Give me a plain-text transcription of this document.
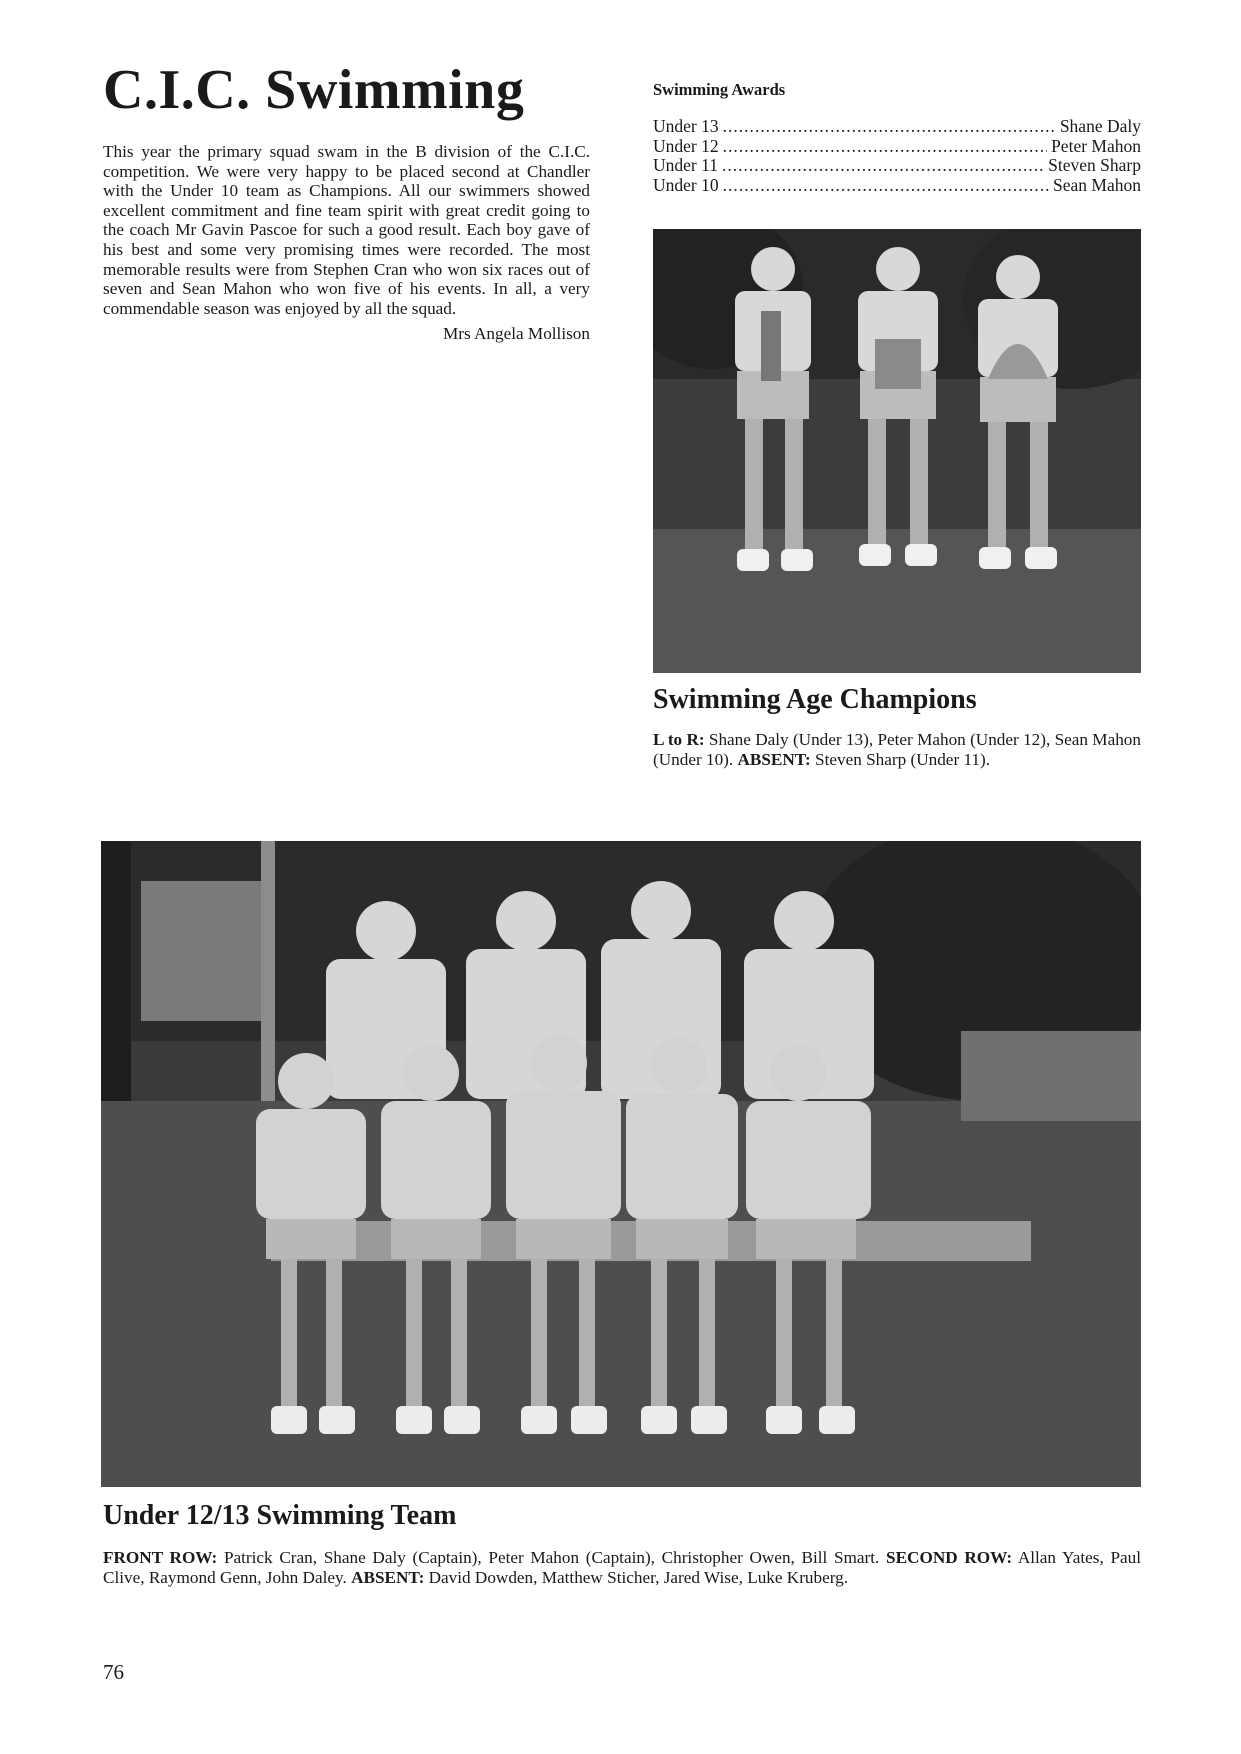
C.I.C. Swimming
This year the primary squad swam in the B division of the C.I.C. competition. We were very happy to be placed second at Chandler with the Under 10 team as Champions. All our swimmers showed excellent commitment and fine team spirit with great credit going to the coach Mr Gavin Pascoe for such a good result. Each boy gave of his best and some very promising times were recorded. The most memorable results were from Stephen Cran who won six races out of seven and Sean Mahon who won five of his events. In all, a very commendable season was enjoyed by all the squad.
Mrs Angela Mollison
Swimming Awards
Under 13 .....	Shane Daly
Under 12 .....	Peter Mahon
Under 11 .....	Steven Sharp
Under 10 .....	Sean Mahon
Swimming Age Champions
L to R: Shane Daly (Under 13), Peter Mahon (Under 12), Sean Mahon (Under 10). ABSENT: Steven Sharp (Under 11).
Under 12/13 Swimming Team
FRONT ROW: Patrick Cran, Shane Daly (Captain), Peter Mahon (Captain), Christopher Owen, Bill Smart. SECOND ROW: Allan Yates, Paul Clive, Raymond Genn, John Daley. ABSENT: David Dowden, Matthew Sticher, Jared Wise, Luke Kruberg.
76
